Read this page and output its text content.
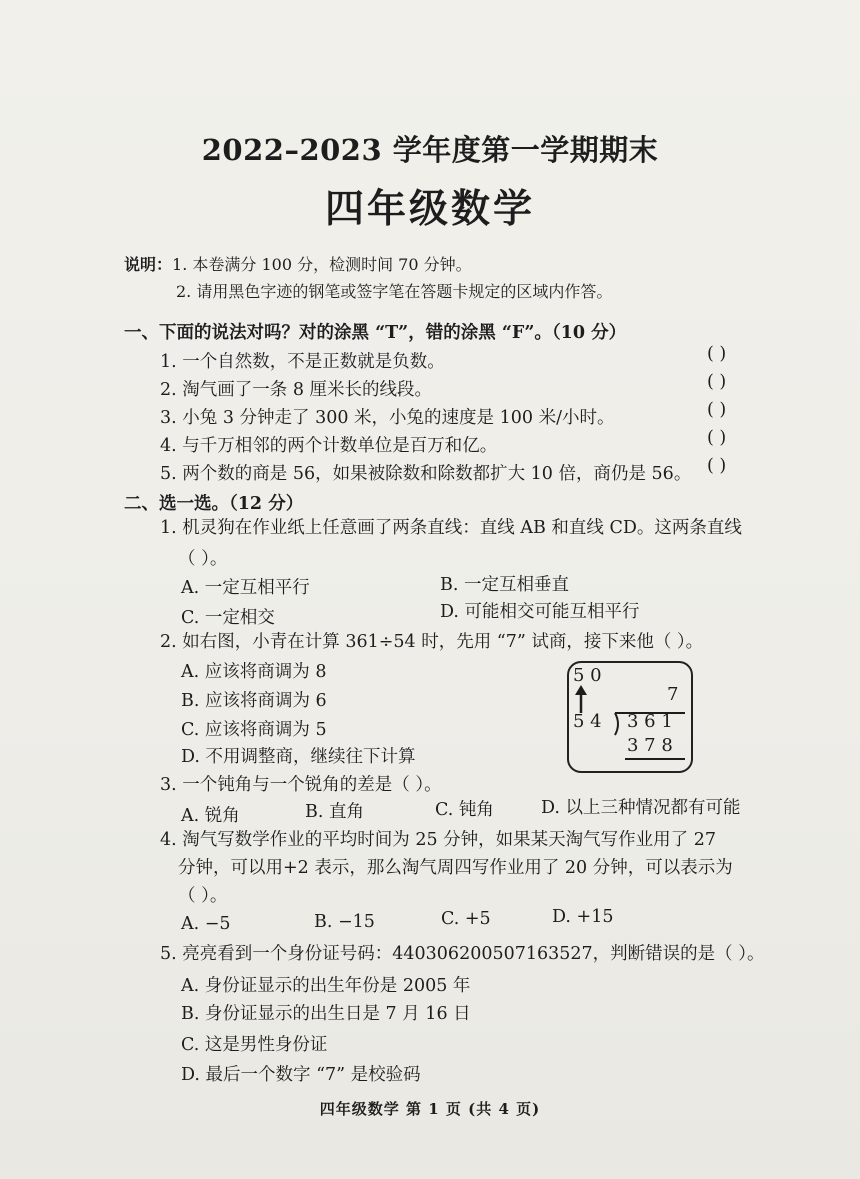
2022–2023 学年度第一学期期末
四年级数学
说明：1. 本卷满分 100 分，检测时间 70 分钟。
2. 请用黑色字迹的钢笔或签字笔在答题卡规定的区域内作答。
一、下面的说法对吗？对的涂黑 “T”，错的涂黑 “F”。（10 分）
1. 一个自然数，不是正数就是负数。	( )
2. 淘气画了一条 8 厘米长的线段。	( )
3. 小兔 3 分钟走了 300 米，小兔的速度是 100 米/小时。	( )
4. 与千万相邻的两个计数单位是百万和亿。	( )
5. 两个数的商是 56，如果被除数和除数都扩大 10 倍，商仍是 56。 ( )
二、选一选。（12 分）
1. 机灵狗在作业纸上任意画了两条直线：直线 AB 和直线 CD。这两条直线
（ ）。
A. 一定互相平行	B. 一定互相垂直
C. 一定相交	D. 可能相交可能互相平行
2. 如右图，小青在计算 361÷54 时，先用 “7” 试商，接下来他（ ）。
A. 应该将商调为 8
B. 应该将商调为 6
C. 应该将商调为 5
D. 不用调整商，继续往下计算
5 0
7
5 4 3 6 1
3 7 8
3. 一个钝角与一个锐角的差是（ ）。
A. 锐角	B. 直角	C. 钝角	D. 以上三种情况都有可能
4. 淘气写数学作业的平均时间为 25 分钟，如果某天淘气写作业用了 27
分钟，可以用+2 表示，那么淘气周四写作业用了 20 分钟，可以表示为
（ ）。
A. −5	B. −15	C. +5	D. +15
5. 亮亮看到一个身份证号码：440306200507163527，判断错误的是（ ）。
A. 身份证显示的出生年份是 2005 年
B. 身份证显示的出生日是 7 月 16 日
C. 这是男性身份证
D. 最后一个数字 “7” 是校验码
四年级数学 第 1 页 (共 4 页)
